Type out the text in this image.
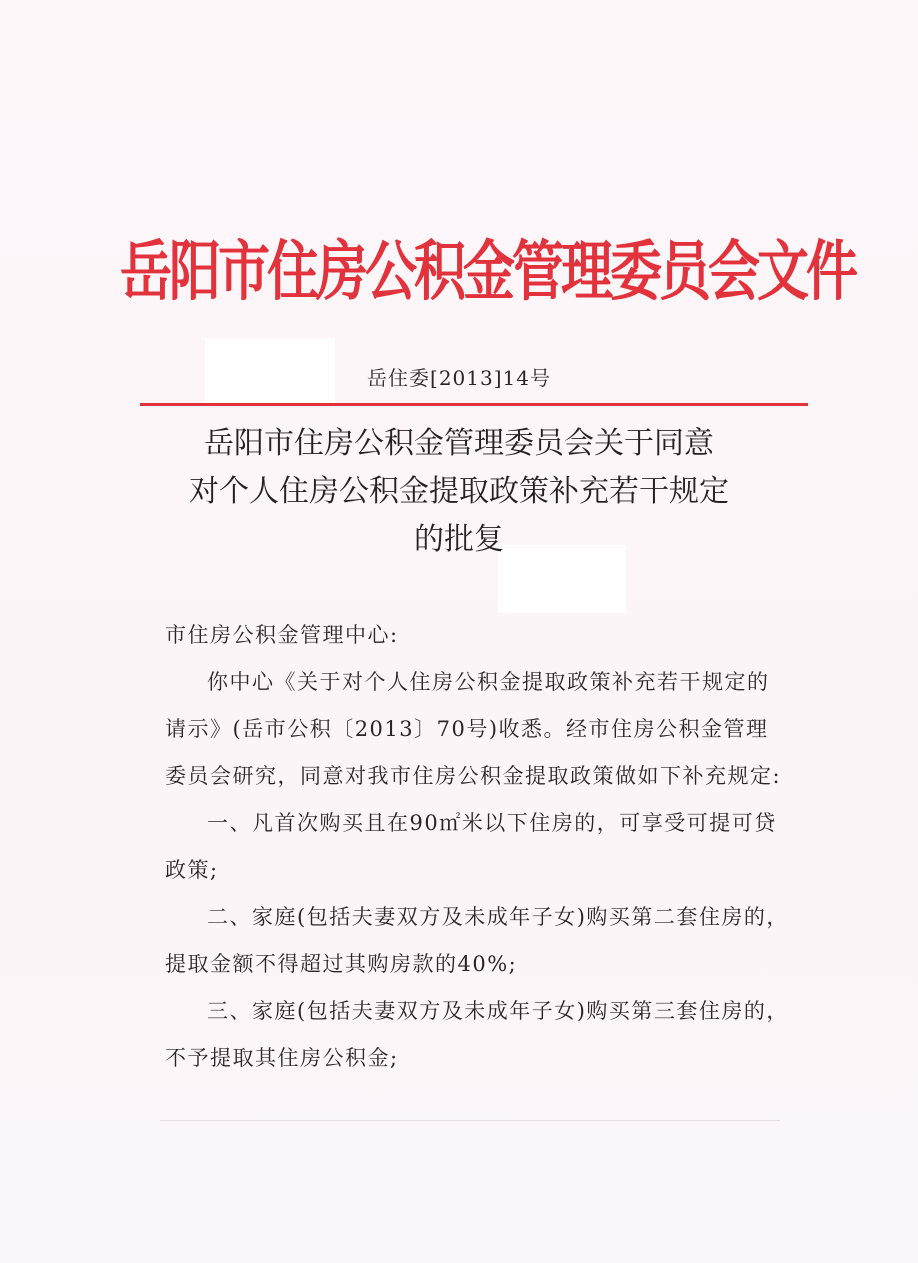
岳阳市住房公积金管理委员会文件
岳住委[2013]14号
岳阳市住房公积金管理委员会关于同意
对个人住房公积金提取政策补充若干规定
的批复

市住房公积金管理中心:

你中心《关于对个人住房公积金提取政策补充若干规定的请示》(岳市公积〔2013〕70号)收悉。经市住房公积金管理委员会研究，同意对我市住房公积金提取政策做如下补充规定:

一、凡首次购买且在90㎡米以下住房的，可享受可提可贷政策;

二、家庭(包括夫妻双方及未成年子女)购买第二套住房的，提取金额不得超过其购房款的40%;

三、家庭(包括夫妻双方及未成年子女)购买第三套住房的，不予提取其住房公积金;
